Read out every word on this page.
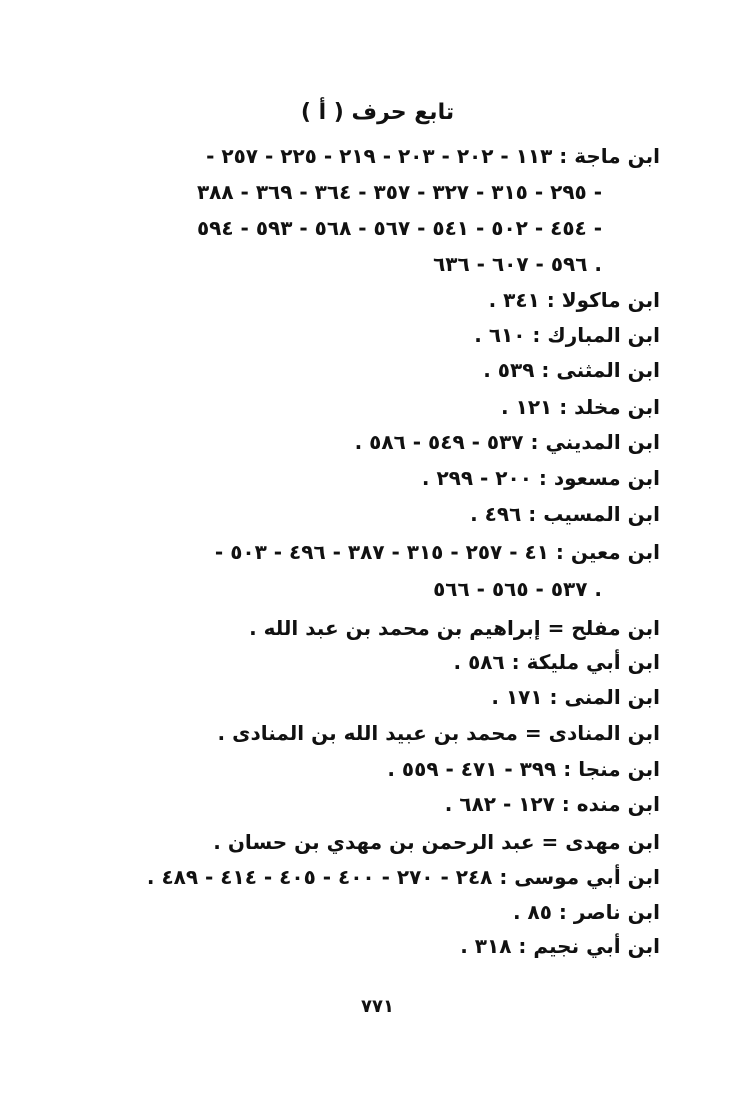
تابع حرف ( أ )
ابن ماجة : ١١٣ - ٢٠٢ - ٢٠٣ - ٢١٩ - ٢٢٥ - ٢٥٧ -
٢٩٥ - ٣١٥ - ٣٢٧ - ٣٥٧ - ٣٦٤ - ٣٦٩ - ٣٨٨ -
٤٥٤ - ٥٠٢ - ٥٤١ - ٥٦٧ - ٥٦٨ - ٥٩٣ - ٥٩٤ -
٥٩٦ - ٦٠٧ - ٦٣٦ .
ابن ماكولا : ٣٤١ .
ابن المبارك : ٦١٠ .
ابن المثنى : ٥٣٩ .
ابن مخلد : ١٢١ .
ابن المديني : ٥٣٧ - ٥٤٩ - ٥٨٦ .
ابن مسعود : ٢٠٠ - ٢٩٩ .
ابن المسيب : ٤٩٦ .
ابن معين : ٤١ - ٢٥٧ - ٣١٥ - ٣٨٧ - ٤٩٦ - ٥٠٣ -
٥٣٧ - ٥٦٥ - ٥٦٦ .
ابن مفلح = إبراهيم بن محمد بن عبد الله .
ابن أبي مليكة : ٥٨٦ .
ابن المنى : ١٧١ .
ابن المنادى = محمد بن عبيد الله بن المنادى .
ابن منجا : ٣٩٩ - ٤٧١ - ٥٥٩ .
ابن منده : ١٢٧ - ٦٨٢ .
ابن مهدى = عبد الرحمن بن مهدي بن حسان .
ابن أبي موسى : ٢٤٨ - ٢٧٠ - ٤٠٠ - ٤٠٥ - ٤١٤ - ٤٨٩ .
ابن ناصر : ٨٥ .
ابن أبي نجيم : ٣١٨ .
٧٧١
